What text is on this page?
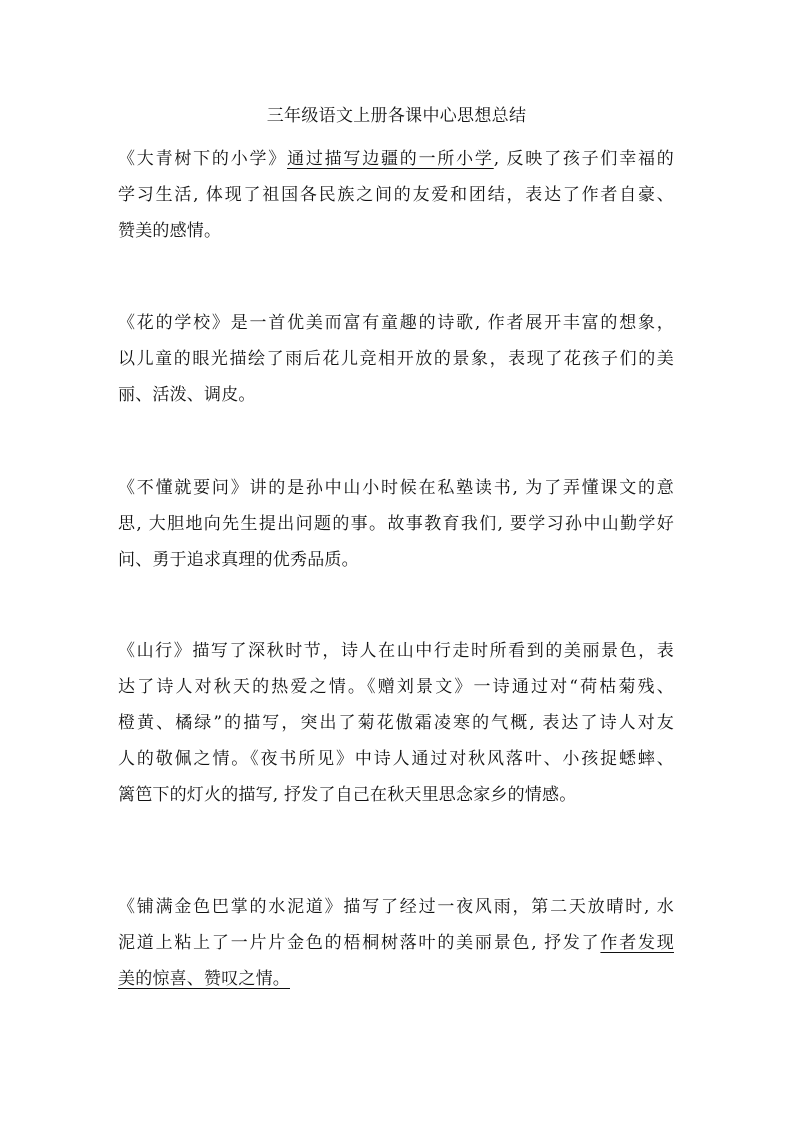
三年级语文上册各课中心思想总结
《大青树下的小学》通过描写边疆的一所小学, 反映了孩子们幸福的
学习生活, 体现了祖国各民族之间的友爱和团结，表达了作者自豪、
赞美的感情。
《花的学校》是一首优美而富有童趣的诗歌, 作者展开丰富的想象，
以儿童的眼光描绘了雨后花儿竞相开放的景象，表现了花孩子们的美
丽、活泼、调皮。
《不懂就要问》讲的是孙中山小时候在私塾读书, 为了弄懂课文的意
思, 大胆地向先生提出问题的事。故事教育我们, 要学习孙中山勤学好
问、勇于追求真理的优秀品质。
《山行》描写了深秋时节，诗人在山中行走时所看到的美丽景色，表
达了诗人对秋天的热爱之情。《赠刘景文》一诗通过对“荷枯菊残、
橙黄、橘绿”的描写，突出了菊花傲霜凌寒的气概, 表达了诗人对友
人的敬佩之情。《夜书所见》中诗人通过对秋风落叶、小孩捉蟋蟀、
篱笆下的灯火的描写, 抒发了自己在秋天里思念家乡的情感。
《铺满金色巴掌的水泥道》描写了经过一夜风雨，第二天放晴时, 水
泥道上粘上了一片片金色的梧桐树落叶的美丽景色, 抒发了作者发现
美的惊喜、赞叹之情。
